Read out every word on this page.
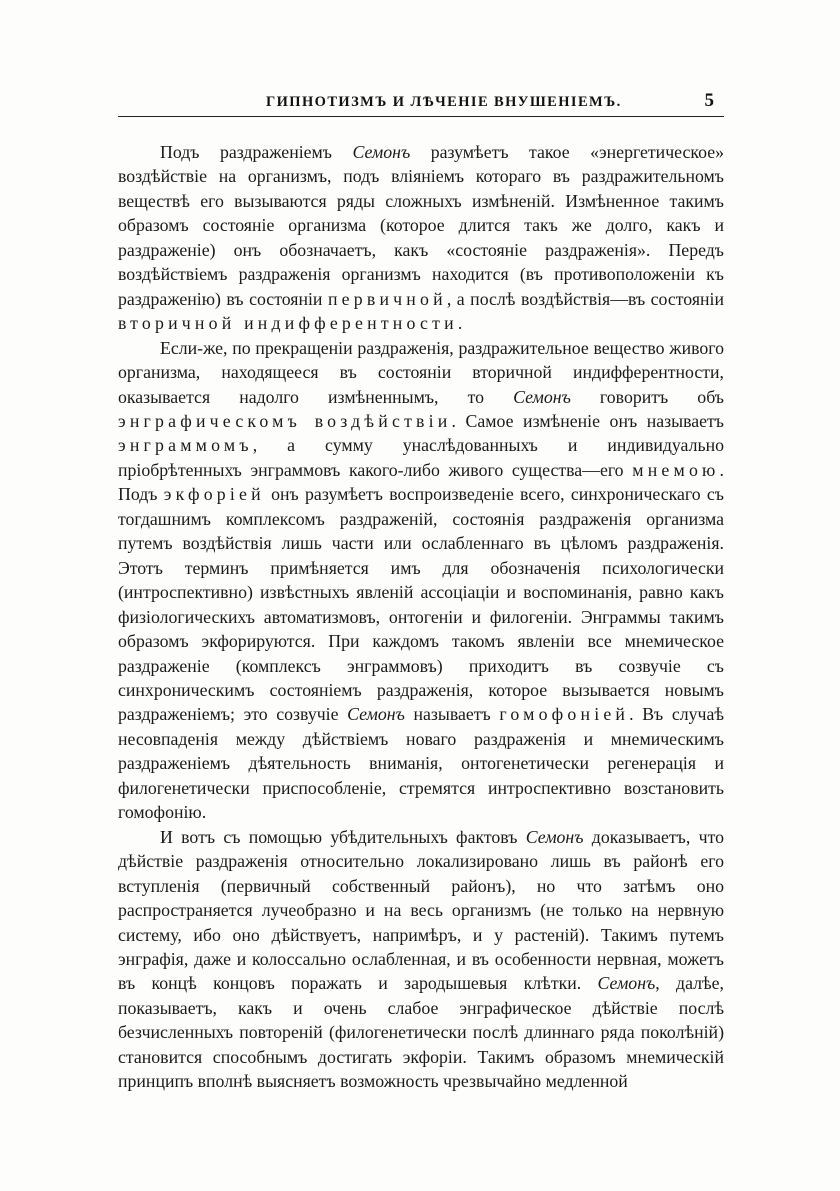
ГИПНОТИЗМЪ И ЛѢЧЕНІЕ ВНУШЕНІЕМЪ.	5

Подъ раздраженіемъ Семонъ разумѣетъ такое «энергетическое» воздѣйствіе на организмъ, подъ вліяніемъ котораго въ раздражительномъ веществѣ его вызываются ряды сложныхъ измѣненій. Измѣненное такимъ образомъ состояніе организма (которое длится такъ же долго, какъ и раздраженіе) онъ обозначаетъ, какъ «состояніе раздраженія». Передъ воздѣйствіемъ раздраженія организмъ находится (въ противоположеніи къ раздраженію) въ состояніи первичной, а послѣ воздѣйствія—въ состояніи вторичной индифферентности.

Если-же, по прекращеніи раздраженія, раздражительное вещество живого организма, находящееся въ состояніи вторичной индифферентности, оказывается надолго измѣненнымъ, то Семонъ говоритъ объ энграфическомъ воздѣйствіи. Самое измѣненіе онъ называетъ энграммомъ, а сумму унаслѣдованныхъ и индивидуально пріобрѣтенныхъ энграммовъ какого-либо живого существа—его мнемою. Подъ экфоріей онъ разумѣетъ воспроизведеніе всего, синхроническаго съ тогдашнимъ комплексомъ раздраженій, состоянія раздраженія организма путемъ воздѣйствія лишь части или ослабленнаго въ цѣломъ раздраженія. Этотъ терминъ примѣняется имъ для обозначенія психологически (интроспективно) извѣстныхъ явленій ассоціаціи и воспоминанія, равно какъ физіологическихъ автоматизмовъ, онтогеніи и филогеніи. Энграммы такимъ образомъ экфорируются. При каждомъ такомъ явленіи все мнемическое раздраженіе (комплексъ энграммовъ) приходитъ въ созвучіе съ синхроническимъ состояніемъ раздраженія, которое вызывается новымъ раздраженіемъ; это созвучіе Семонъ называетъ гомофоніей. Въ случаѣ несовпаденія между дѣйствіемъ новаго раздраженія и мнемическимъ раздраженіемъ дѣятельность вниманія, онтогенетически регенерація и филогенетически приспособленіе, стремятся интроспективно возстановить гомофонію.

И вотъ съ помощью убѣдительныхъ фактовъ Семонъ доказываетъ, что дѣйствіе раздраженія относительно локализировано лишь въ районѣ его вступленія (первичный собственный районъ), но что затѣмъ оно распространяется лучеобразно и на весь организмъ (не только на нервную систему, ибо оно дѣйствуетъ, напримѣръ, и у растеній). Такимъ путемъ энграфія, даже и колоссально ослабленная, и въ особенности нервная, можетъ въ концѣ концовъ поражать и зародышевыя клѣтки. Семонъ, далѣе, показываетъ, какъ и очень слабое энграфическое дѣйствіе послѣ безчисленныхъ повтореній (филогенетически послѣ длиннаго ряда поколѣній) становится способнымъ достигать экфоріи. Такимъ образомъ мнемическій принципъ вполнѣ выясняетъ возможность чрезвычайно медленной
